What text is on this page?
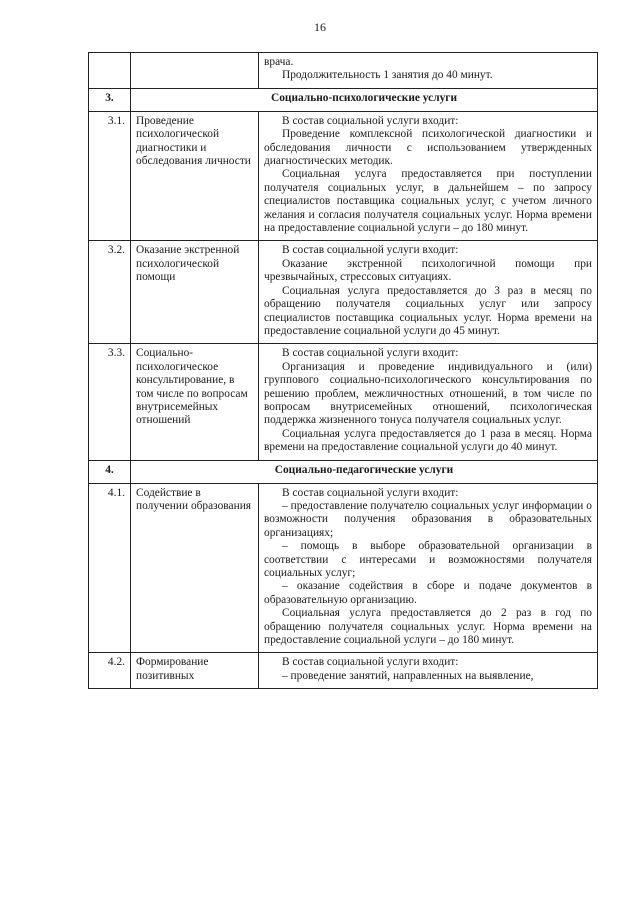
16

		врача.

Продолжительность 1 занятия до 40 минут.

3.	Социально-психологические услуги	
3.1.	Проведение психологической диагностики и обследования личности	В состав социальной услуги входит:

Проведение комплексной психологической диагностики и обследования личности с использованием утвержденных диагностических методик.

Социальная услуга предоставляется при поступлении получателя социальных услуг, в дальнейшем – по запросу специалистов поставщика социальных услуг, с учетом личного желания и согласия получателя социальных услуг. Норма времени на предоставление социальной услуги – до 180 минут.

3.2.	Оказание экстренной психологической помощи	В состав социальной услуги входит:

Оказание экстренной психологичной помощи при чрезвычайных, стрессовых ситуациях.

Социальная услуга предоставляется до 3 раз в месяц по обращению получателя социальных услуг или запросу специалистов поставщика социальных услуг. Норма времени на предоставление социальной услуги до 45 минут.

3.3.	Социально-психологическое консультирование, в том числе по вопросам внутрисемейных отношений	В состав социальной услуги входит:

Организация и проведение индивидуального и (или) группового социально-психологического консультирования по решению проблем, межличностных отношений, в том числе по вопросам внутрисемейных отношений, психологическая поддержка жизненного тонуса получателя социальных услуг.

Социальная услуга предоставляется до 1 раза в месяц. Норма времени на предоставление социальной услуги до 40 минут.

4.	Социально-педагогические услуги	
4.1.	Содействие в получении образования	В состав социальной услуги входит:

– предоставление получателю социальных услуг информации о возможности получения образования в образовательных организациях;

– помощь в выборе образовательной организации в соответствии с интересами и возможностями получателя социальных услуг;

– оказание содействия в сборе и подаче документов в образовательную организацию.

Социальная услуга предоставляется до 2 раз в год по обращению получателя социальных услуг. Норма времени на предоставление социальной услуги – до 180 минут.

4.2.	Формирование позитивных	В состав социальной услуги входит:

– проведение занятий, направленных на выявление,
